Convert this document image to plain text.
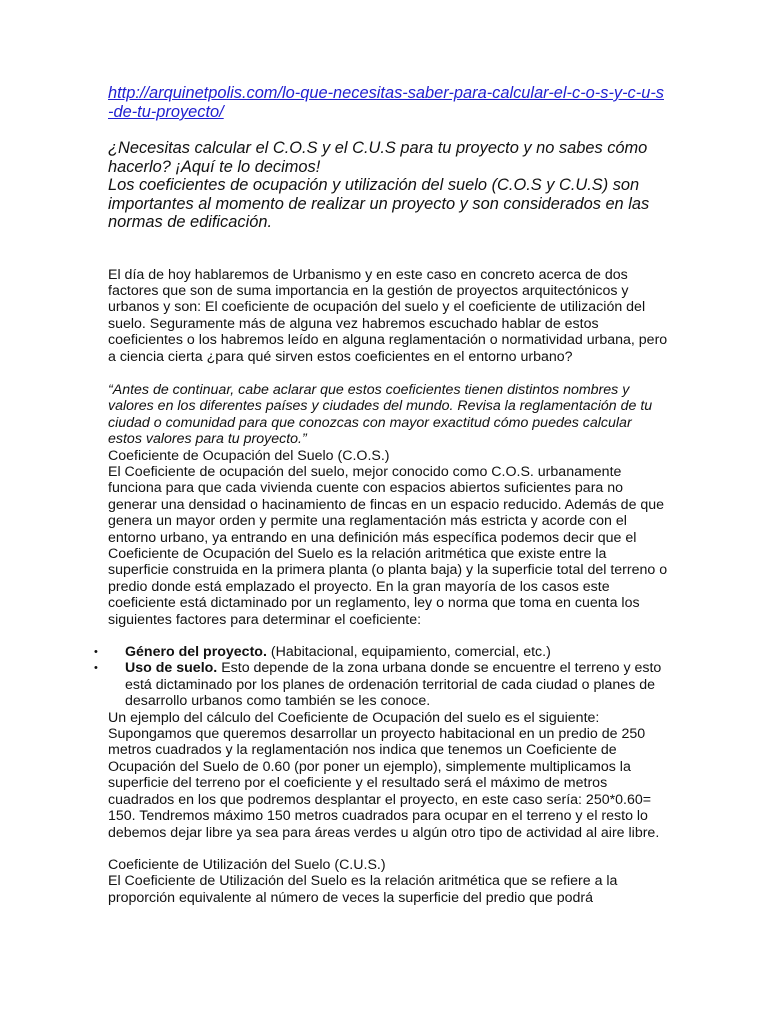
http://arquinetpolis.com/lo-que-necesitas-saber-para-calcular-el-c-o-s-y-c-u-s-de-tu-proyecto/
¿Necesitas calcular el C.O.S y el C.U.S para tu proyecto y no sabes cómo hacerlo? ¡Aquí te lo decimos!
Los coeficientes de ocupación y utilización del suelo (C.O.S y C.U.S) son importantes al momento de realizar un proyecto y son considerados en las normas de edificación.
El día de hoy hablaremos de Urbanismo y en este caso en concreto acerca de dos factores que son de suma importancia en la gestión de proyectos arquitectónicos y urbanos y son: El coeficiente de ocupación del suelo y el coeficiente de utilización del suelo. Seguramente más de alguna vez habremos escuchado hablar de estos coeficientes o los habremos leído en alguna reglamentación o normatividad urbana, pero a ciencia cierta ¿para qué sirven estos coeficientes en el entorno urbano?
“Antes de continuar, cabe aclarar que estos coeficientes tienen distintos nombres y valores en los diferentes países y ciudades del mundo. Revisa la reglamentación de tu ciudad o comunidad para que conozcas con mayor exactitud cómo puedes calcular estos valores para tu proyecto.”
Coeficiente de Ocupación del Suelo (C.O.S.)
El Coeficiente de ocupación del suelo, mejor conocido como C.O.S. urbanamente funciona para que cada vivienda cuente con espacios abiertos suficientes para no generar una densidad o hacinamiento de fincas en un espacio reducido. Además de que genera un mayor orden y permite una reglamentación más estricta y acorde con el entorno urbano, ya entrando en una definición más específica podemos decir que el Coeficiente de Ocupación del Suelo es la relación aritmética que existe entre la superficie construida en la primera planta (o planta baja) y la superficie total del terreno o predio donde está emplazado el proyecto. En la gran mayoría de los casos este coeficiente está dictaminado por un reglamento, ley o norma que toma en cuenta los siguientes factores para determinar el coeficiente:
• Género del proyecto. (Habitacional, equipamiento, comercial, etc.)
• Uso de suelo. Esto depende de la zona urbana donde se encuentre el terreno y esto está dictaminado por los planes de ordenación territorial de cada ciudad o planes de desarrollo urbanos como también se les conoce.
Un ejemplo del cálculo del Coeficiente de Ocupación del suelo es el siguiente: Supongamos que queremos desarrollar un proyecto habitacional en un predio de 250 metros cuadrados y la reglamentación nos indica que tenemos un Coeficiente de Ocupación del Suelo de 0.60 (por poner un ejemplo), simplemente multiplicamos la superficie del terreno por el coeficiente y el resultado será el máximo de metros cuadrados en los que podremos desplantar el proyecto, en este caso sería: 250*0.60= 150. Tendremos máximo 150 metros cuadrados para ocupar en el terreno y el resto lo debemos dejar libre ya sea para áreas verdes u algún otro tipo de actividad al aire libre.
Coeficiente de Utilización del Suelo (C.U.S.)
El Coeficiente de Utilización del Suelo es la relación aritmética que se refiere a la proporción equivalente al número de veces la superficie del predio que podrá
